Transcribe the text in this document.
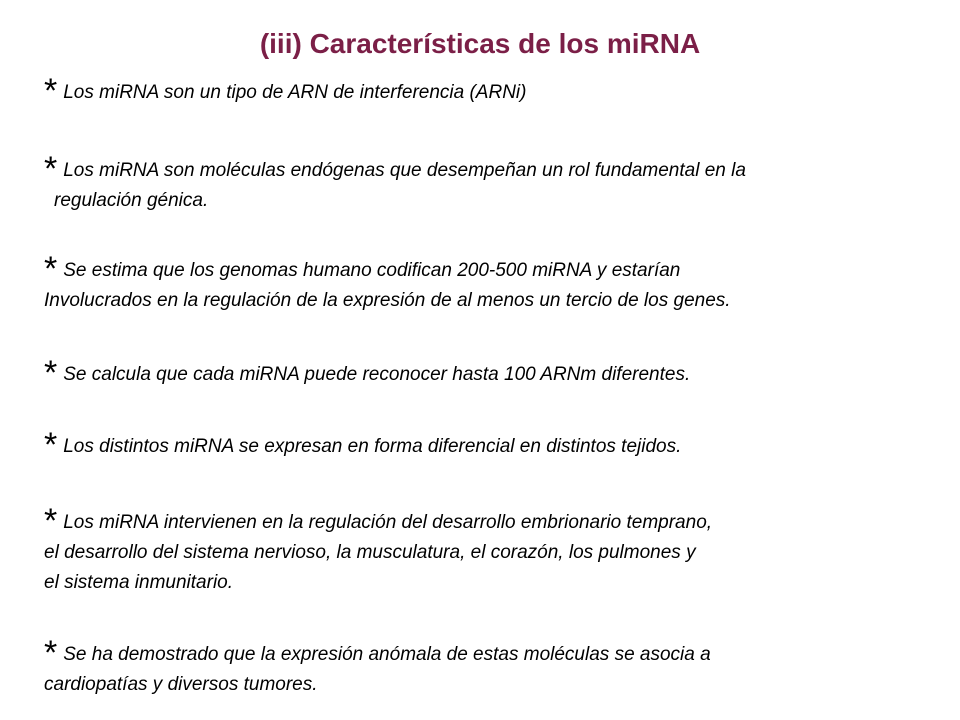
(iii) Características de los miRNA
* Los miRNA son un tipo de ARN de interferencia (ARNi)
* Los miRNA son moléculas endógenas que desempeñan un rol fundamental en la
regulación génica.
* Se estima que los genomas humano codifican 200-500 miRNA y estarían
Involucrados en la regulación de la expresión de al menos un tercio de los genes.
* Se calcula que cada miRNA puede reconocer hasta 100 ARNm diferentes.
* Los distintos miRNA se expresan en forma diferencial en distintos tejidos.
* Los miRNA intervienen en la regulación del desarrollo embrionario temprano,
el desarrollo del sistema nervioso, la musculatura, el corazón, los pulmones y
el sistema inmunitario.
* Se ha demostrado que la expresión anómala de estas moléculas se asocia a
cardiopatías y diversos tumores.
